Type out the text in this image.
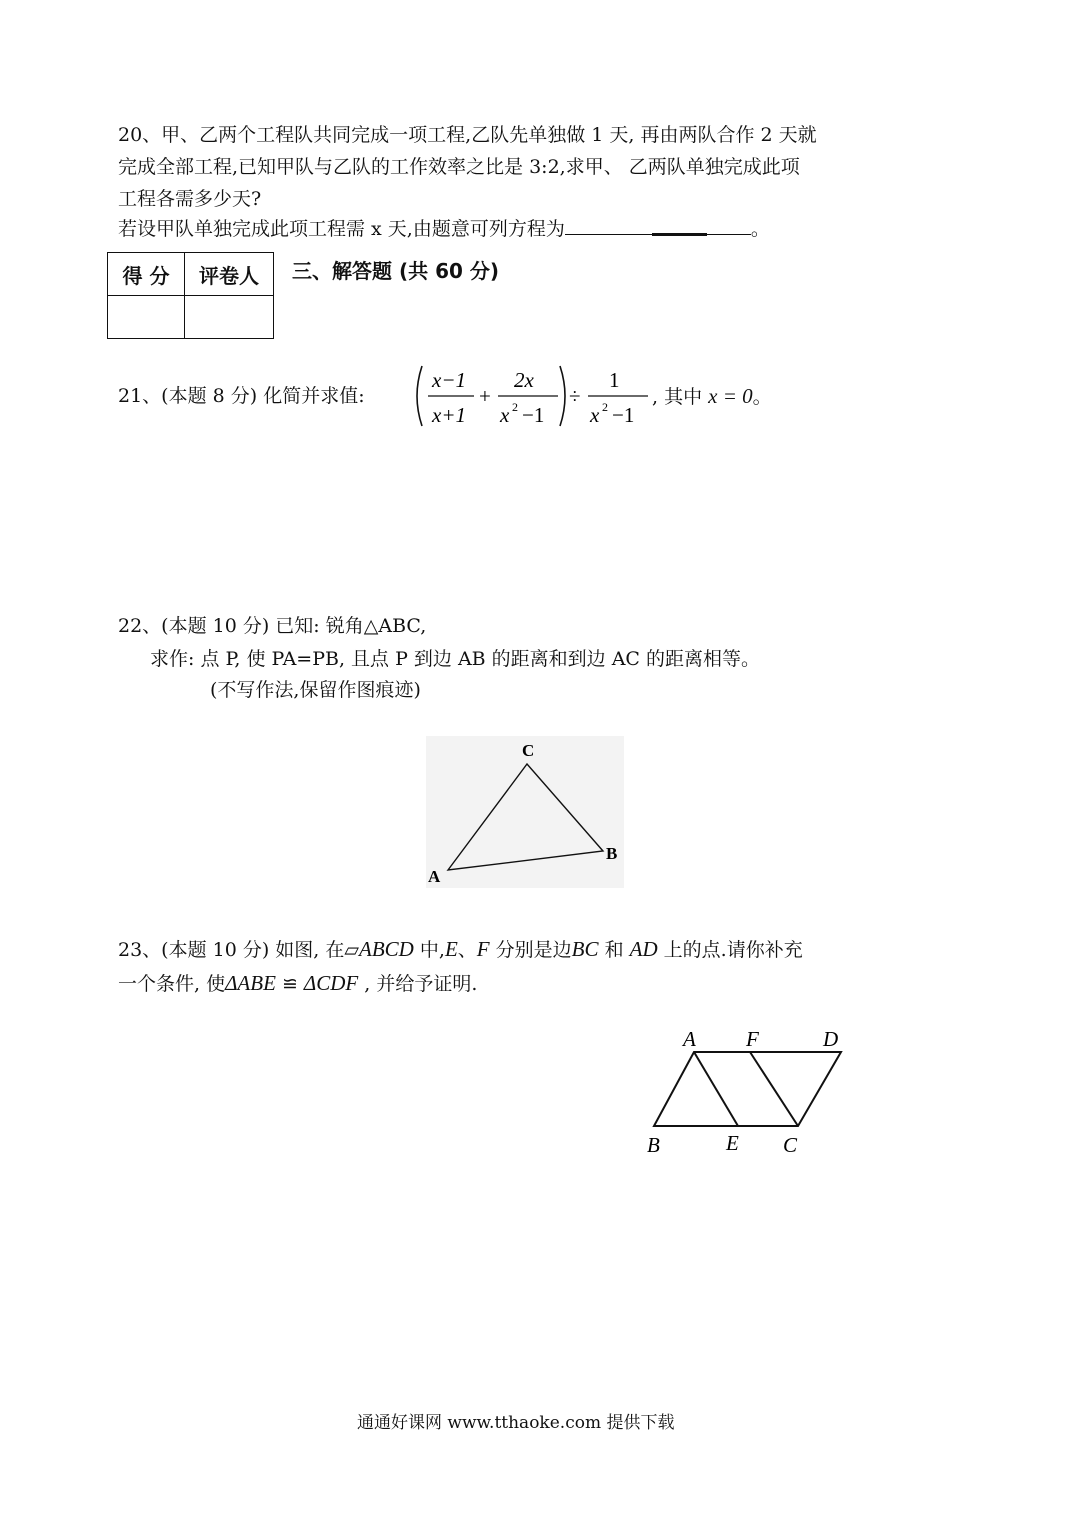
20、甲、乙两个工程队共同完成一项工程,乙队先单独做 1 天, 再由两队合作 2 天就
完成全部工程,已知甲队与乙队的工作效率之比是 3:2,求甲、 乙两队单独完成此项
工程各需多少天?
若设甲队单独完成此项工程需 x 天,由题意可列方程为	。
得 分	评卷人
	三、解答题 (共 60 分)
21、(本题 8 分) 化简并求值:
x−1
x+1
+
2x
x 2 −1
÷
1
x 2 −1
, 其中 x = 0。
22、(本题 10 分) 已知: 锐角△ABC,
求作: 点 P, 使 PA=PB, 且点 P 到边 AB 的距离和到边 AC 的距离相等。
(不写作法,保留作图痕迹)
C
B
A
23、(本题 10 分) 如图, 在▱ABCD 中,E、F 分别是边BC 和 AD 上的点.请你补充
一个条件, 使ΔABE ≌ ΔCDF , 并给予证明.
A F	D
B	E C
通通好课网 www.tthaoke.com 提供下载
